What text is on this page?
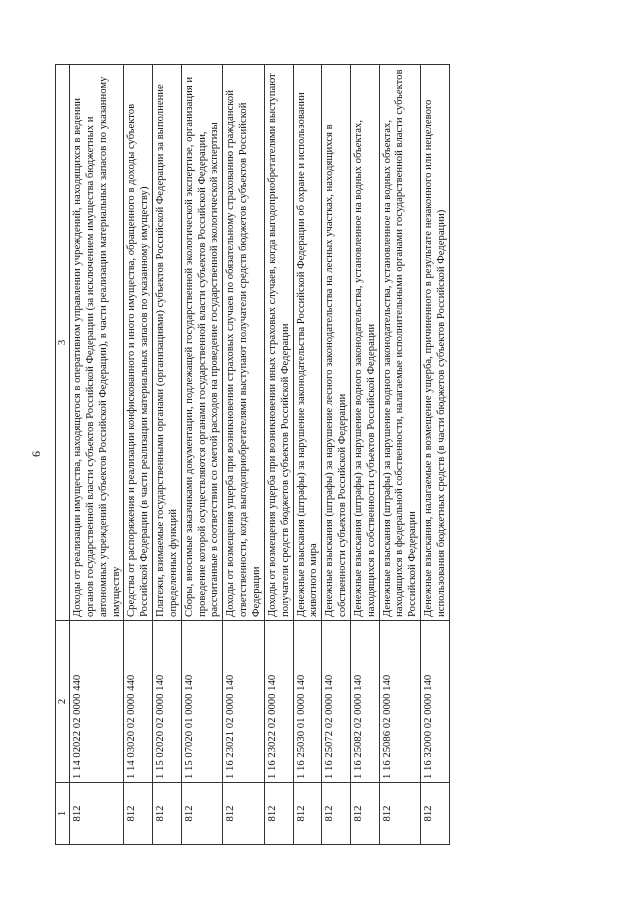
6
1	2	3
812	1 14 02022 02 0000 440	Доходы от реализации имущества, находящегося в оперативном управлении учреждений, находящихся в ведении органов государственной власти субъектов Российской Федерации (за исключением имущества бюджетных и автономных учреждений субъектов Российской Федерации), в части реализации материальных запасов по указанному имуществу
812	1 14 03020 02 0000 440	Средства от распоряжения и реализации конфискованного и иного имущества, обращенного в доходы субъектов Российской Федерации (в части реализации материальных запасов по указанному имуществу)
812	1 15 02020 02 0000 140	Платежи, взимаемые государственными органами (организациями) субъектов Российской Федерации за выполнение определенных функций
812	1 15 07020 01 0000 140	Сборы, вносимые заказчиками документации, подлежащей государственной экологической экспертизе, организация и проведение которой осуществляются органами государственной власти субъектов Российской Федерации, рассчитанные в соответствии со сметой расходов на проведение государственной экологической экспертизы
812	1 16 23021 02 0000 140	Доходы от возмещения ущерба при возникновении страховых случаев по обязательному страхованию гражданской ответственности, когда выгодоприобретателями выступают получатели средств бюджетов субъектов Российской Федерации
812	1 16 23022 02 0000 140	Доходы от возмещения ущерба при возникновении иных страховых случаев, когда выгодоприобретателями выступают получатели средств бюджетов субъектов Российской Федерации
812	1 16 25030 01 0000 140	Денежные взыскания (штрафы) за нарушение законодательства Российской Федерации об охране и использовании животного мира
812	1 16 25072 02 0000 140	Денежные взыскания (штрафы) за нарушение лесного законодательства на лесных участках, находящихся в собственности субъектов Российской Федерации
812	1 16 25082 02 0000 140	Денежные взыскания (штрафы) за нарушение водного законодательства, установленное на водных объектах, находящихся в собственности субъектов Российской Федерации
812	1 16 25086 02 0000 140	Денежные взыскания (штрафы) за нарушение водного законодательства, установленное на водных объектах, находящихся в федеральной собственности, налагаемые исполнительными органами государственной власти субъектов Российской Федерации
812	1 16 32000 02 0000 140	Денежные взыскания, налагаемые в возмещение ущерба, причиненного в результате незаконного или нецелевого использования бюджетных средств (в части бюджетов субъектов Российской Федерации)
